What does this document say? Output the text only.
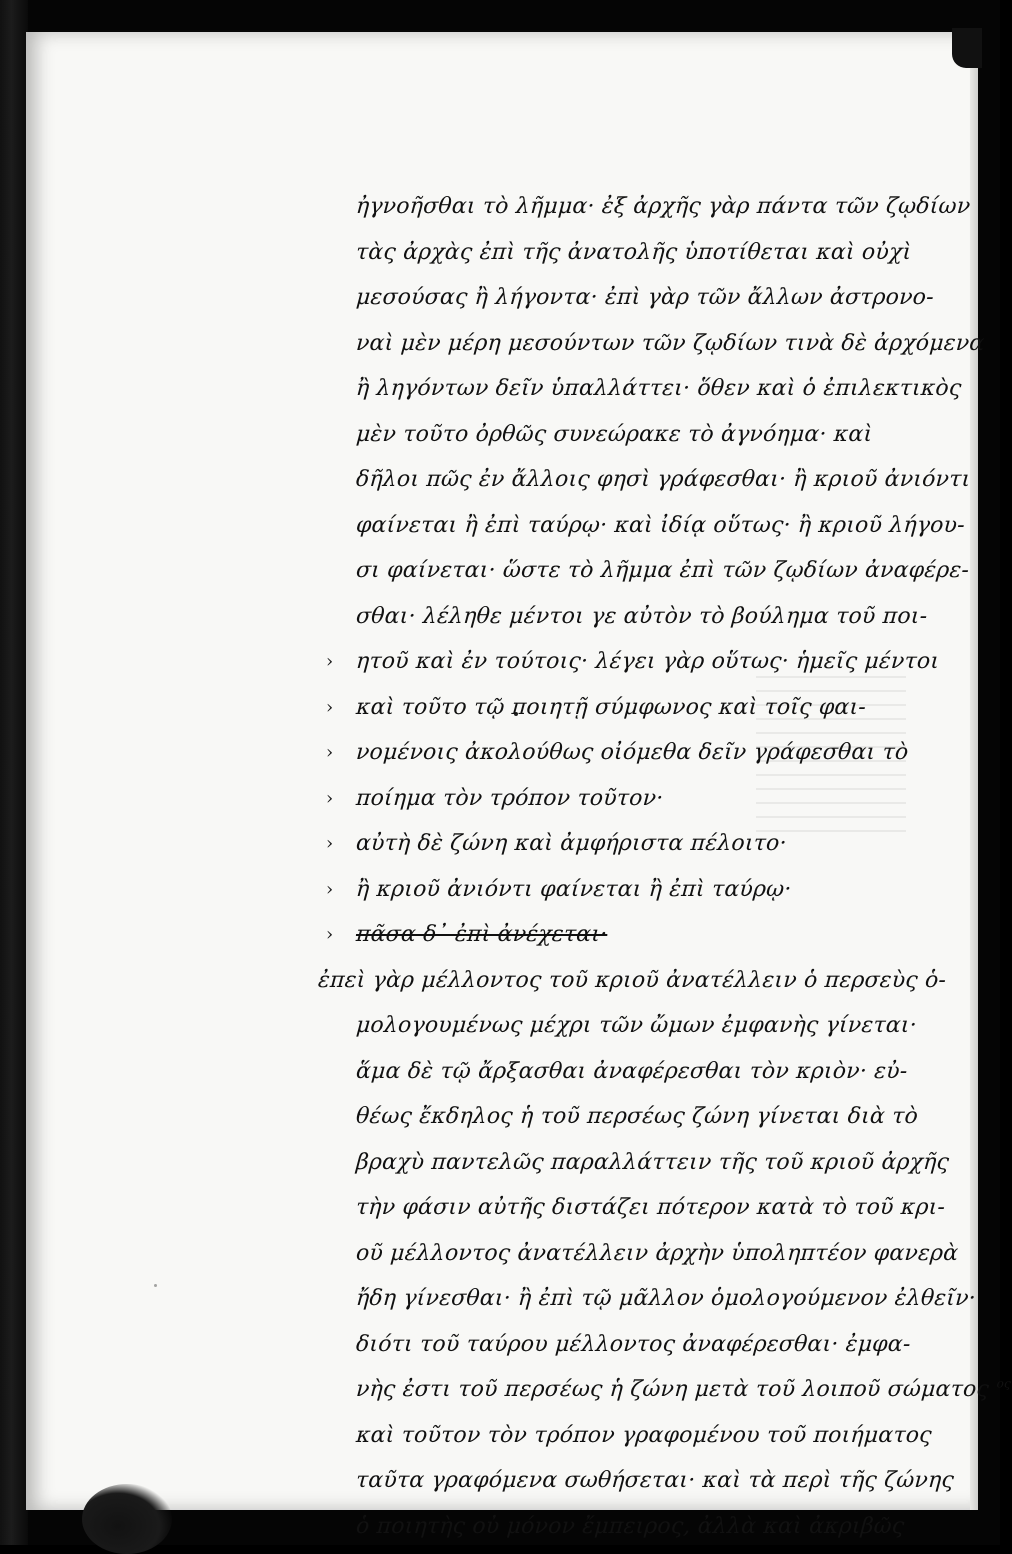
ἠγνοῆσθαι τὸ λῆμμα· ἐξ ἀρχῆς γὰρ πάντα τῶν ζῳδίων
τὰς ἀρχὰς ἐπὶ τῆς ἀνατολῆς ὑποτίθεται καὶ οὐχὶ
μεσούσας ἢ λήγοντα· ἐπὶ γὰρ τῶν ἄλλων ἀστρονο-
ναὶ μὲν μέρη μεσούντων τῶν ζῳδίων τινὰ δὲ ἀρχόμενα
ἢ ληγόντων δεῖν ὑπαλλάττει· ὅθεν καὶ ὁ ἐπιλεκτικὸς
μὲν τοῦτο ὀρθῶς συνεώρακε τὸ ἀγνόημα· καὶ
δῆλοι πῶς ἐν ἄλλοις φησὶ γράφεσθαι· ἢ κριοῦ ἀνιόντι
φαίνεται ἢ ἐπὶ ταύρῳ· καὶ ἰδίᾳ οὕτως· ἢ κριοῦ λήγου-
σι φαίνεται· ὥστε τὸ λῆμμα ἐπὶ τῶν ζῳδίων ἀναφέρε-
σθαι· λέληθε μέντοι γε αὐτὸν τὸ βούλημα τοῦ ποι-
› ητοῦ καὶ ἐν τούτοις· λέγει γὰρ οὕτως· ἡμεῖς μέντοι
› καὶ τοῦτο τῷ ποιητῇ σύμφωνος καὶ τοῖς φαι-
› νομένοις ἀκολούθως οἰόμεθα δεῖν γράφεσθαι τὸ
› ποίημα τὸν τρόπον τοῦτον·
› αὐτὴ δὲ ζώνη καὶ ἀμφήριστα πέλοιτο·
› ἢ κριοῦ ἀνιόντι φαίνεται ἢ ἐπὶ ταύρῳ·
› πᾶσα δ᾽ ἐπὶ ἀνέχεται·
ἐπεὶ γὰρ μέλλοντος τοῦ κριοῦ ἀνατέλλειν ὁ περσεὺς ὁ-
μολογουμένως μέχρι τῶν ὤμων ἐμφανὴς γίνεται·
ἅμα δὲ τῷ ἄρξασθαι ἀναφέρεσθαι τὸν κριὸν· εὐ-
θέως ἔκδηλος ἡ τοῦ περσέως ζώνη γίνεται διὰ τὸ
βραχὺ παντελῶς παραλλάττειν τῆς τοῦ κριοῦ ἀρχῆς
τὴν φάσιν αὐτῆς διστάζει πότερον κατὰ τὸ τοῦ κρι-
οῦ μέλλοντος ἀνατέλλειν ἀρχὴν ὑποληπτέον φανερὰ
ἤδη γίνεσθαι· ἢ ἐπὶ τῷ μᾶλλον ὁμολογούμενον ἐλθεῖν·
διότι τοῦ ταύρου μέλλοντος ἀναφέρεσθαι· ἐμφα-
νὴς ἐστι τοῦ περσέως ἡ ζώνη μετὰ τοῦ λοιποῦ σώματος $^{o\varsigma}$
καὶ τοῦτον τὸν τρόπον γραφομένου τοῦ ποιήματος
ταῦτα γραφόμενα σωθήσεται· καὶ τὰ περὶ τῆς ζώνης
ὁ ποιητὴς οὐ μόνον ἔμπειρος, ἀλλὰ καὶ ἀκριβῶς
